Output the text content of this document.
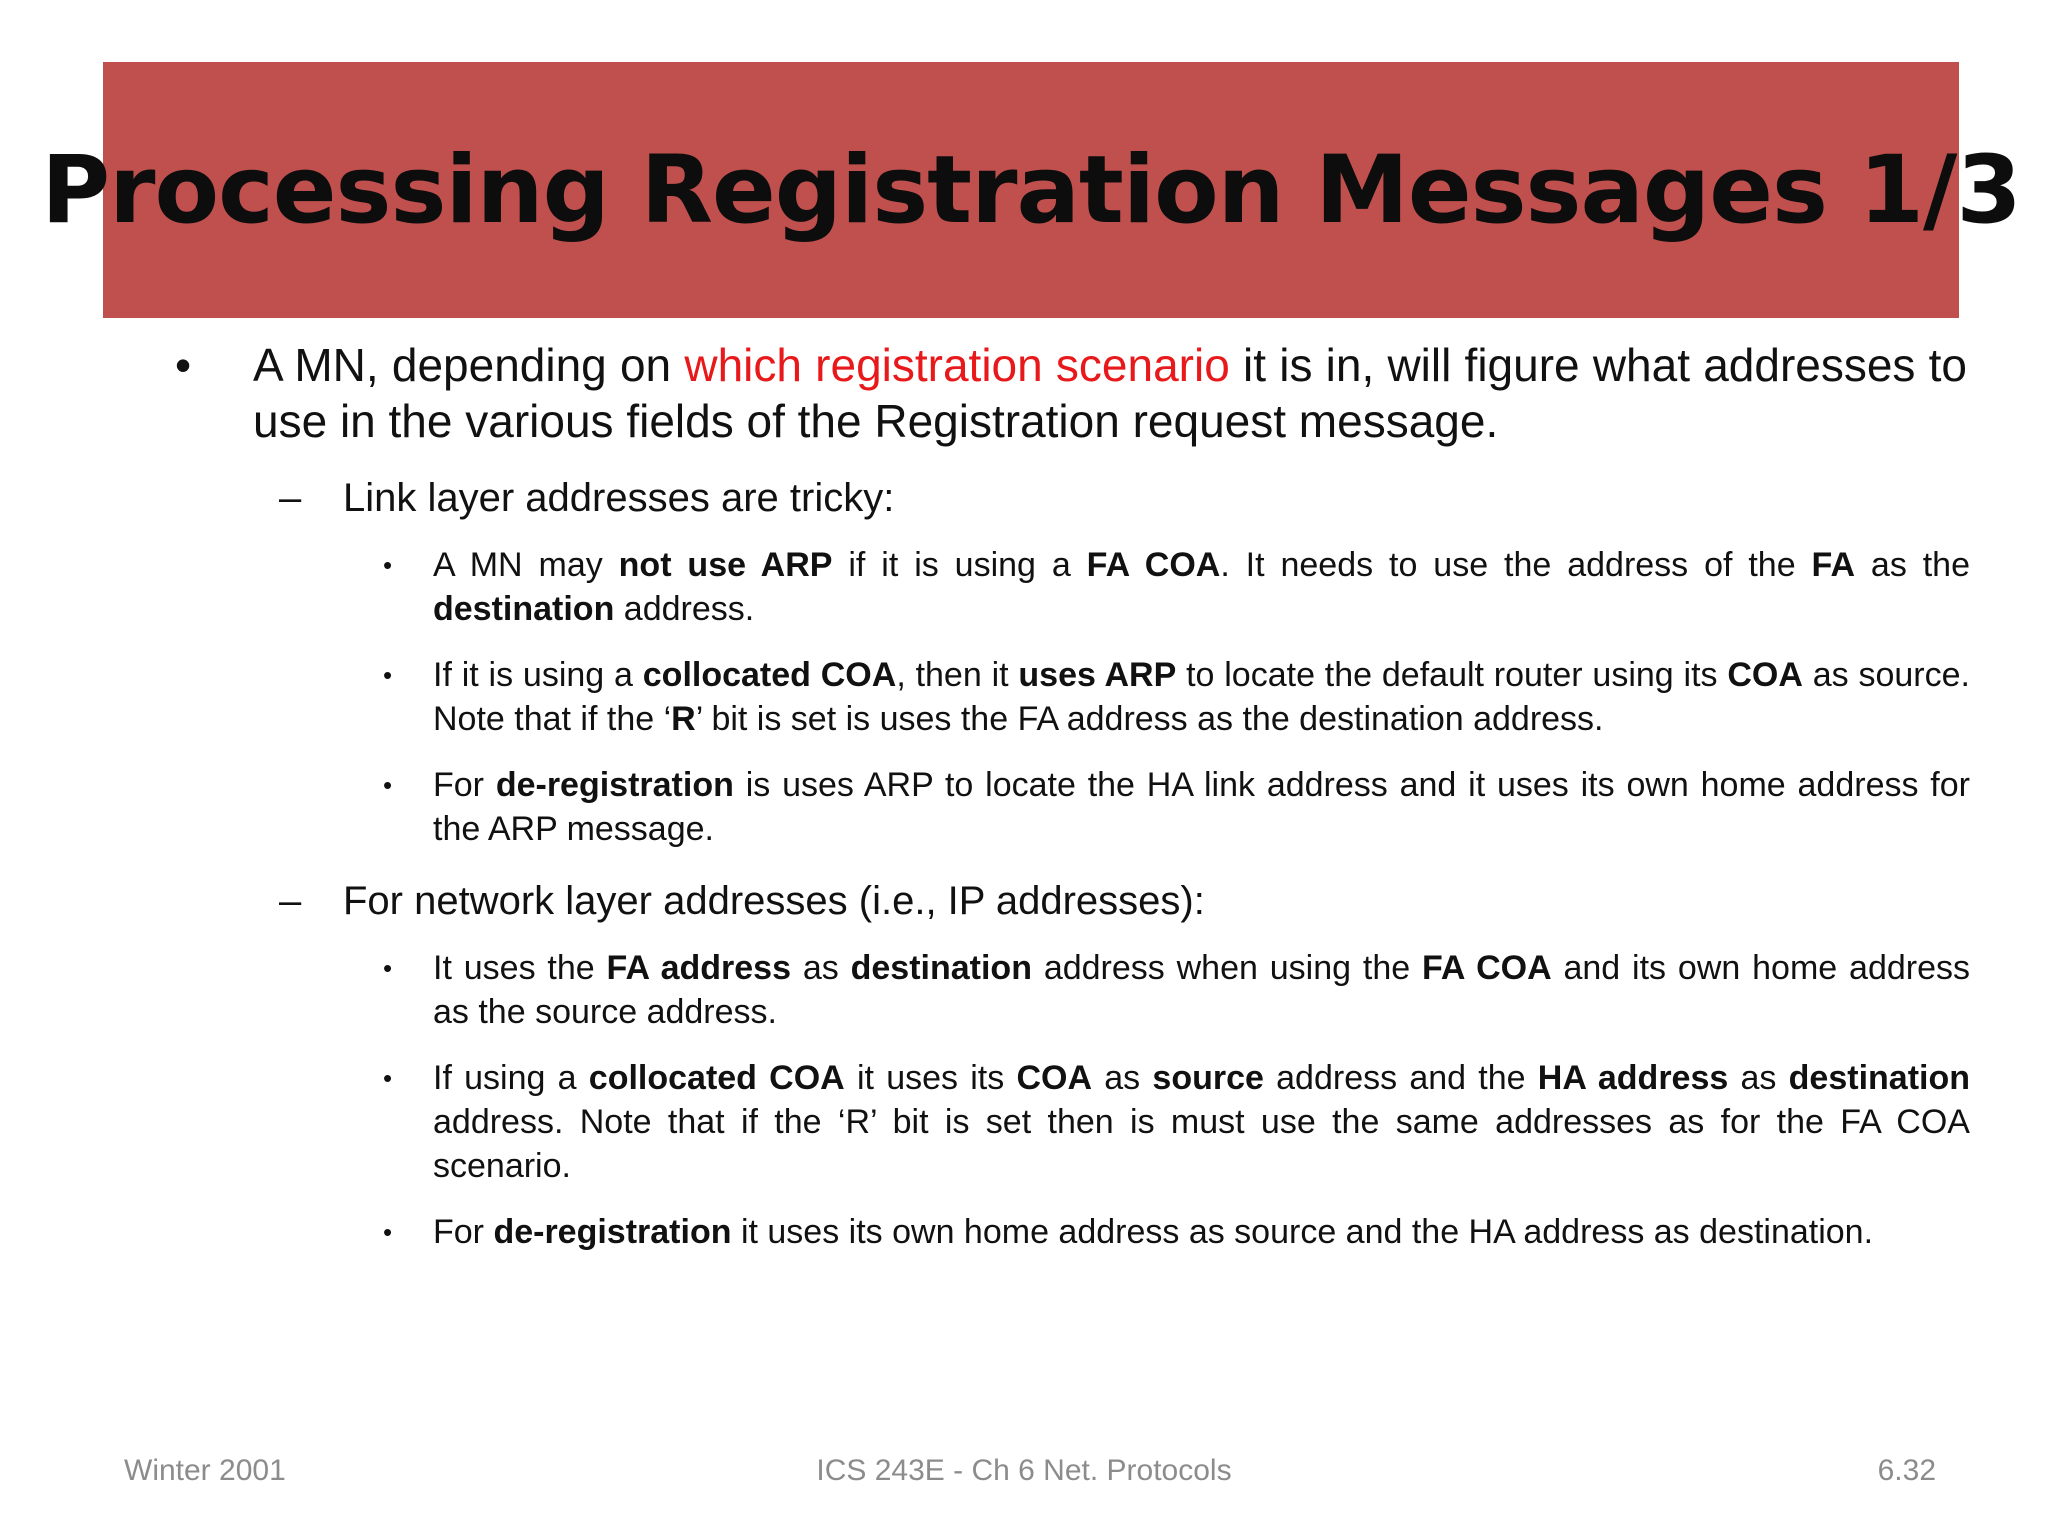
Processing Registration Messages 1/3
• A MN, depending on which registration scenario it is in, will figure what addresses to use in the various fields of the Registration request message.
– Link layer addresses are tricky:
• A MN may not use ARP if it is using a FA COA. It needs to use the address of the FA as the destination address.
• If it is using a collocated COA, then it uses ARP to locate the default router using its COA as source. Note that if the ‘R’ bit is set is uses the FA address as the destination address.
• For de-registration is uses ARP to locate the HA link address and it uses its own home address for the ARP message.
– For network layer addresses (i.e., IP addresses):
• It uses the FA address as destination address when using the FA COA and its own home address as the source address.
• If using a collocated COA it uses its COA as source address and the HA address as destination address. Note that if the ‘R’ bit is set then is must use the same addresses as for the FA COA scenario.
• For de-registration it uses its own home address as source and the HA address as destination.
Winter 2001	ICS 243E - Ch 6 Net. Protocols	6.32
